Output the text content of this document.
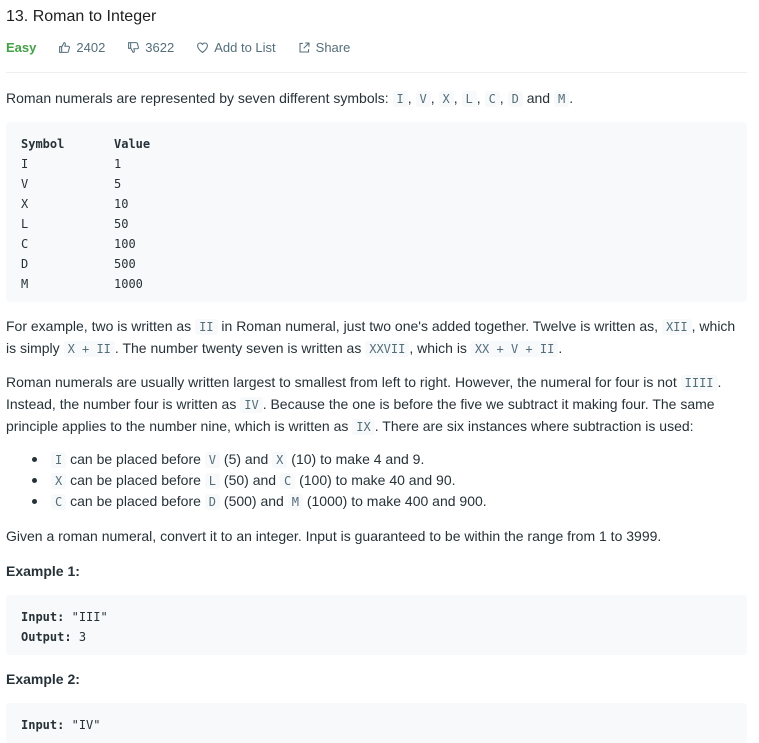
13. Roman to Integer
Easy	2402	3622	Add to List	Share
Roman numerals are represented by seven different symbols: I , V , X , L , C , D and M .
Symbol	Value
I	1
V	5
X	10
L	50
C	100
D	500
M	1000
For example, two is written as II in Roman numeral, just two one's added together. Twelve is written as, XII , which is simply X + II . The number twenty seven is written as XXVII , which is XX + V + II .
Roman numerals are usually written largest to smallest from left to right. However, the numeral for four is not IIII . Instead, the number four is written as IV . Because the one is before the five we subtract it making four. The same principle applies to the number nine, which is written as IX . There are six instances where subtraction is used:
I can be placed before V (5) and X (10) to make 4 and 9.
X can be placed before L (50) and C (100) to make 40 and 90.
C can be placed before D (500) and M (1000) to make 400 and 900.
Given a roman numeral, convert it to an integer. Input is guaranteed to be within the range from 1 to 3999.
Example 1:
Input: "III"
Output: 3
Example 2:
Input: "IV"
